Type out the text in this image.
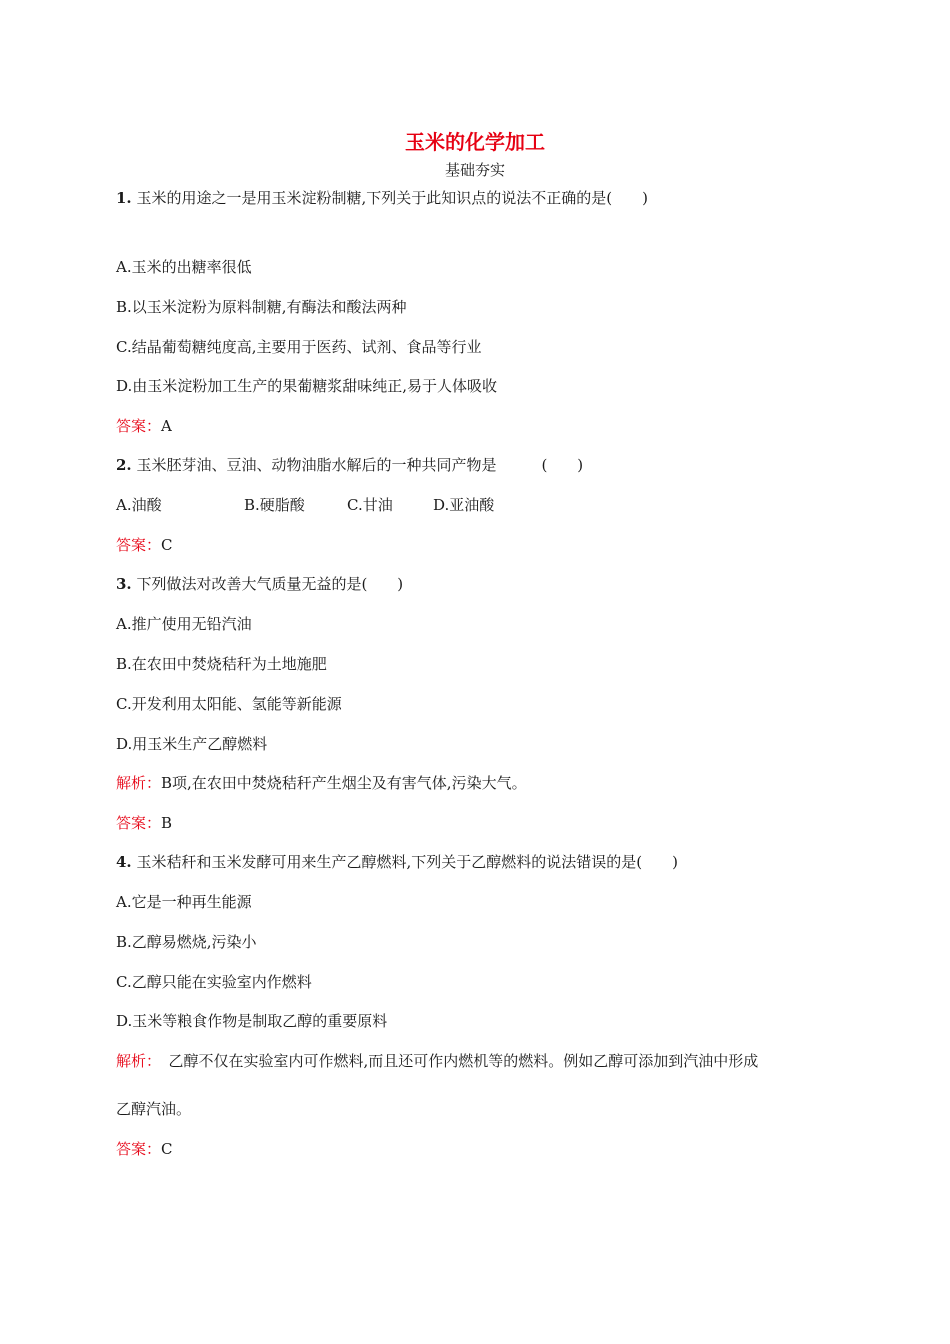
玉米的化学加工
基础夯实
1. 玉米的用途之一是用玉米淀粉制糖,下列关于此知识点的说法不正确的是(　　)
A.玉米的出糖率很低
B.以玉米淀粉为原料制糖,有酶法和酸法两种
C.结晶葡萄糖纯度高,主要用于医药、试剂、食品等行业
D.由玉米淀粉加工生产的果葡糖浆甜味纯正,易于人体吸收
答案：A
2. 玉米胚芽油、豆油、动物油脂水解后的一种共同产物是　　　(　　)
A.油酸	B.硬脂酸	C.甘油	D.亚油酸
答案：C
3. 下列做法对改善大气质量无益的是(　　)
A.推广使用无铅汽油
B.在农田中焚烧秸秆为土地施肥
C.开发利用太阳能、氢能等新能源
D.用玉米生产乙醇燃料
解析：B项,在农田中焚烧秸秆产生烟尘及有害气体,污染大气。
答案：B
4. 玉米秸秆和玉米发酵可用来生产乙醇燃料,下列关于乙醇燃料的说法错误的是(　　)
A.它是一种再生能源
B.乙醇易燃烧,污染小
C.乙醇只能在实验室内作燃料
D.玉米等粮食作物是制取乙醇的重要原料
解析：　乙醇不仅在实验室内可作燃料,而且还可作内燃机等的燃料。例如乙醇可添加到汽油中形成
乙醇汽油。
答案：C
